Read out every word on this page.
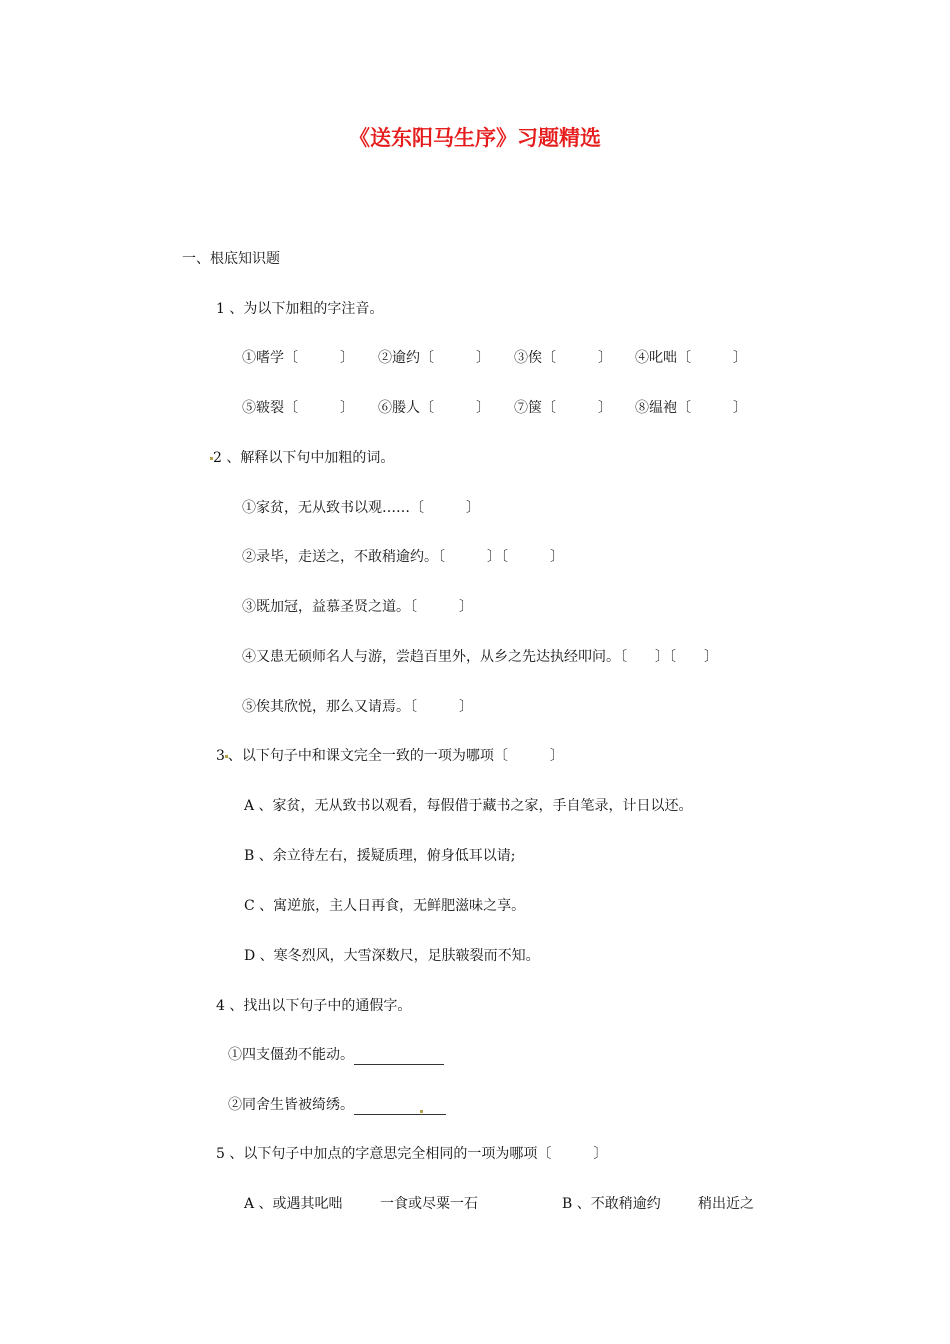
《送东阳马生序》习题精选
一、根底知识题
1 、为以下加粗的字注音。
①嗜学〔　　　〕 ②逾约〔　　　〕 ③俟〔　　　〕 ④叱咄〔　　　〕
⑤皲裂〔　　　〕 ⑥媵人〔　　　〕 ⑦箧〔　　　〕 ⑧缊袍〔　　　〕
2 、解释以下句中加粗的词。
①家贫，无从致书以观……〔　　　〕
②录毕，走送之，不敢稍逾约。〔　　　〕〔　　　〕
③既加冠，益慕圣贤之道。〔　　　〕
④又患无硕师名人与游，尝趋百里外，从乡之先达执经叩问。〔　　〕〔　　〕
⑤俟其欣悦，那么又请焉。〔　　　〕
3 、以下句子中和课文完全一致的一项为哪项〔　　　〕
A 、家贫，无从致书以观看，每假借于藏书之家，手自笔录，计日以还。
B 、余立待左右，援疑质理，俯身低耳以请;
C 、寓逆旅，主人日再食，无鲜肥滋味之享。
D 、寒冬烈风，大雪深数尺，足肤皲裂而不知。
4 、找出以下句子中的通假字。
①四支僵劲不能动。
②同舍生皆被绮绣。
5 、以下句子中加点的字意思完全相同的一项为哪项〔　　　〕
A 、或遇其叱咄	一食或尽粟一石	B 、不敢稍逾约	稍出近之
